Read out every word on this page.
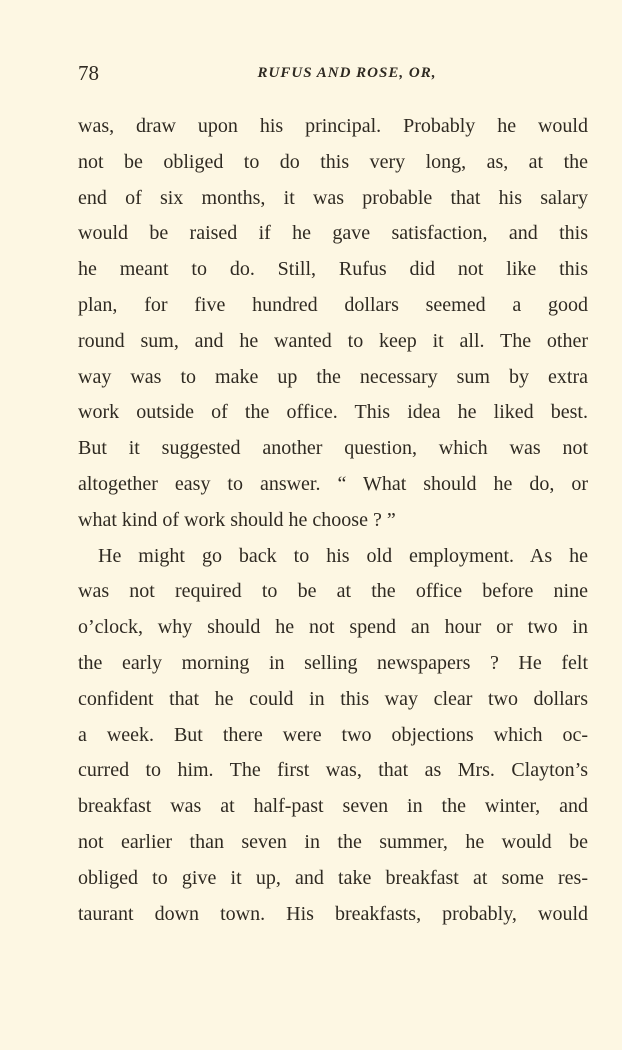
78	RUFUS AND ROSE, OR,

was, draw upon his principal. Probably he would
not be obliged to do this very long, as, at the
end of six months, it was probable that his salary
would be raised if he gave satisfaction, and this
he meant to do. Still, Rufus did not like this
plan, for five hundred dollars seemed a good
round sum, and he wanted to keep it all. The other
way was to make up the necessary sum by extra
work outside of the office. This idea he liked best.
But it suggested another question, which was not
altogether easy to answer. “ What should he do, or
what kind of work should he choose ? ”

He might go back to his old employment. As he
was not required to be at the office before nine
o’clock, why should he not spend an hour or two in
the early morning in selling newspapers ? He felt
confident that he could in this way clear two dollars
a week. But there were two objections which oc-
curred to him. The first was, that as Mrs. Clayton’s
breakfast was at half-past seven in the winter, and
not earlier than seven in the summer, he would be
obliged to give it up, and take breakfast at some res-
taurant down town. His breakfasts, probably, would
